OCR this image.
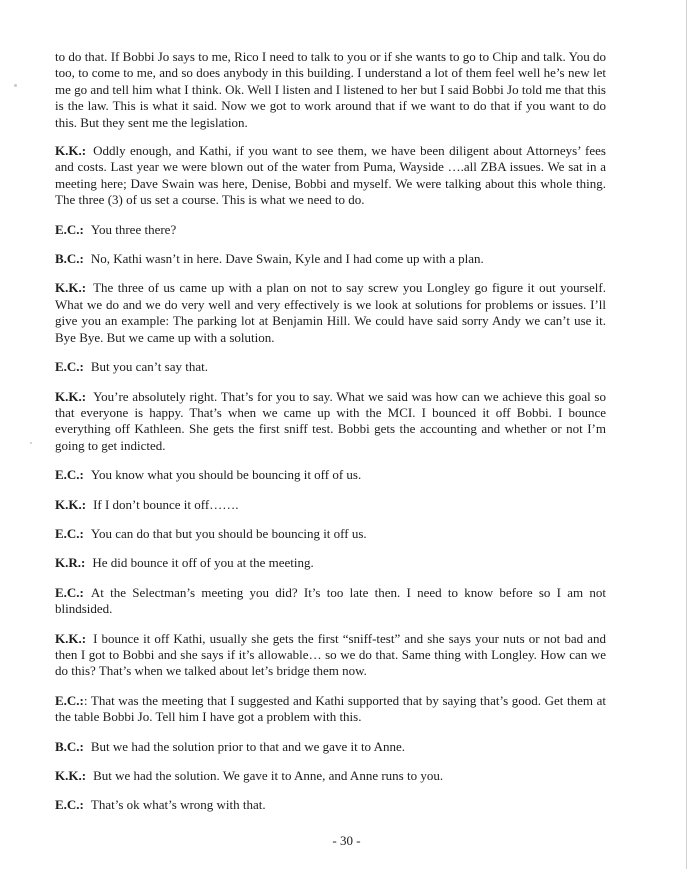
to do that. If Bobbi Jo says to me, Rico I need to talk to you or if she wants to go to Chip and talk. You do too, to come to me, and so does anybody in this building. I understand a lot of them feel well he’s new let me go and tell him what I think. Ok. Well I listen and I listened to her but I said Bobbi Jo told me that this is the law. This is what it said. Now we got to work around that if we want to do that if you want to do this. But they sent me the legislation.

K.K.: Oddly enough, and Kathi, if you want to see them, we have been diligent about Attorneys’ fees and costs. Last year we were blown out of the water from Puma, Wayside ….all ZBA issues. We sat in a meeting here; Dave Swain was here, Denise, Bobbi and myself. We were talking about this whole thing. The three (3) of us set a course. This is what we need to do.

E.C.: You three there?

B.C.: No, Kathi wasn’t in here. Dave Swain, Kyle and I had come up with a plan.

K.K.: The three of us came up with a plan on not to say screw you Longley go figure it out yourself. What we do and we do very well and very effectively is we look at solutions for problems or issues. I’ll give you an example: The parking lot at Benjamin Hill. We could have said sorry Andy we can’t use it. Bye Bye. But we came up with a solution.

E.C.: But you can’t say that.

K.K.: You’re absolutely right. That’s for you to say. What we said was how can we achieve this goal so that everyone is happy. That’s when we came up with the MCI. I bounced it off Bobbi. I bounce everything off Kathleen. She gets the first sniff test. Bobbi gets the accounting and whether or not I’m going to get indicted.

E.C.: You know what you should be bouncing it off of us.

K.K.: If I don’t bounce it off…….

E.C.: You can do that but you should be bouncing it off us.

K.R.: He did bounce it off of you at the meeting.

E.C.: At the Selectman’s meeting you did? It’s too late then. I need to know before so I am not blindsided.

K.K.: I bounce it off Kathi, usually she gets the first “sniff-test” and she says your nuts or not bad and then I got to Bobbi and she says if it’s allowable… so we do that. Same thing with Longley. How can we do this? That’s when we talked about let’s bridge them now.

E.C.:: That was the meeting that I suggested and Kathi supported that by saying that’s good. Get them at the table Bobbi Jo. Tell him I have got a problem with this.

B.C.: But we had the solution prior to that and we gave it to Anne.

K.K.: But we had the solution. We gave it to Anne, and Anne runs to you.

E.C.: That’s ok what’s wrong with that.

- 30 -
